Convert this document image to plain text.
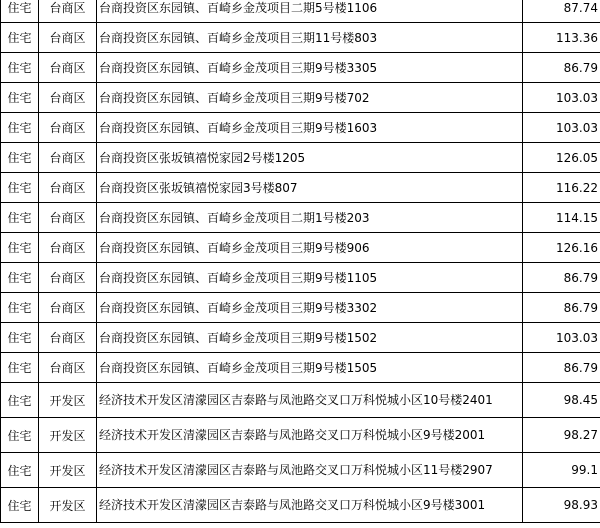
住宅	台商区	台商投资区东园镇、百崎乡金茂项目二期5号楼1106	87.74
住宅	台商区	台商投资区东园镇、百崎乡金茂项目三期11号楼803	113.36
住宅	台商区	台商投资区东园镇、百崎乡金茂项目三期9号楼3305	86.79
住宅	台商区	台商投资区东园镇、百崎乡金茂项目三期9号楼702	103.03
住宅	台商区	台商投资区东园镇、百崎乡金茂项目三期9号楼1603	103.03
住宅	台商区	台商投资区张坂镇禧悦家园2号楼1205	126.05
住宅	台商区	台商投资区张坂镇禧悦家园3号楼807	116.22
住宅	台商区	台商投资区东园镇、百崎乡金茂项目二期1号楼203	114.15
住宅	台商区	台商投资区东园镇、百崎乡金茂项目三期9号楼906	126.16
住宅	台商区	台商投资区东园镇、百崎乡金茂项目三期9号楼1105	86.79
住宅	台商区	台商投资区东园镇、百崎乡金茂项目三期9号楼3302	86.79
住宅	台商区	台商投资区东园镇、百崎乡金茂项目三期9号楼1502	103.03
住宅	台商区	台商投资区东园镇、百崎乡金茂项目三期9号楼1505	86.79
住宅	开发区	经济技术开发区清濛园区吉泰路与凤池路交叉口万科悦城小区10号楼2401	98.45
住宅	开发区	经济技术开发区清濛园区吉泰路与凤池路交叉口万科悦城小区9号楼2001	98.27
住宅	开发区	经济技术开发区清濛园区吉泰路与凤池路交叉口万科悦城小区11号楼2907	99.1
住宅	开发区	经济技术开发区清濛园区吉泰路与凤池路交叉口万科悦城小区9号楼3001	98.93
